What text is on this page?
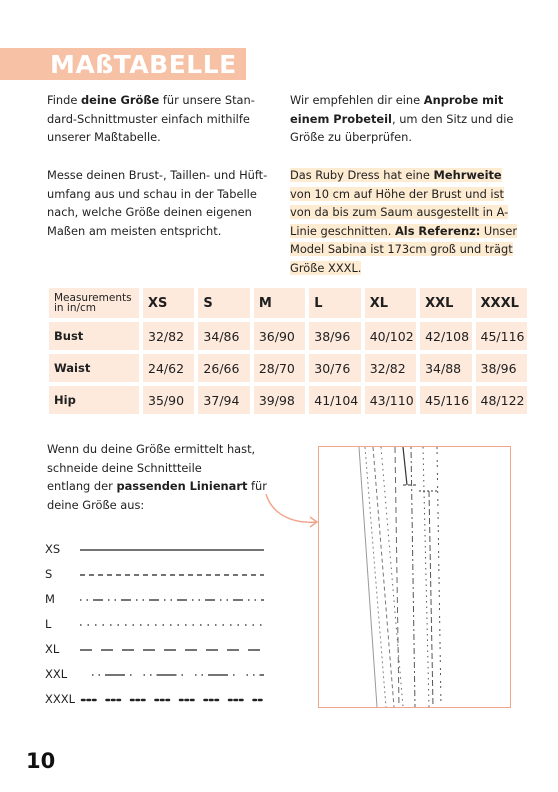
MAßTABELLE

Finde deine Größe für unsere Stan-
dard-Schnittmuster einfach mithilfe
unserer Maßtabelle.

Messe deinen Brust-, Taillen- und Hüft-
umfang aus und schau in der Tabelle
nach, welche Größe deinen eigenen
Maßen am meisten entspricht.

Wir empfehlen dir eine Anprobe mit
einem Probeteil, um den Sitz und die
Größe zu überprüfen.

Das Ruby Dress hat eine Mehrweite
von 10 cm auf Höhe der Brust und ist
von da bis zum Saum ausgestellt in A-
Linie geschnitten. Als Referenz: Unser
Model Sabina ist 173cm groß und trägt
Größe XXXL.

Measurements
in in/cm	XS	S	M	L	XL	XXL	XXXL
Bust	32/82	34/86	36/90	38/96	40/102	42/108	45/116
Waist	24/62	26/66	28/70	30/76	32/82	34/88	38/96
Hip	35/90	37/94	39/98	41/104	43/110	45/116	48/122

Wenn du deine Größe ermittelt hast,
schneide deine Schnittteile
entlang der passenden Linienart für
deine Größe aus:

XS
S
M
L
XL
XXL
XXXL
10
